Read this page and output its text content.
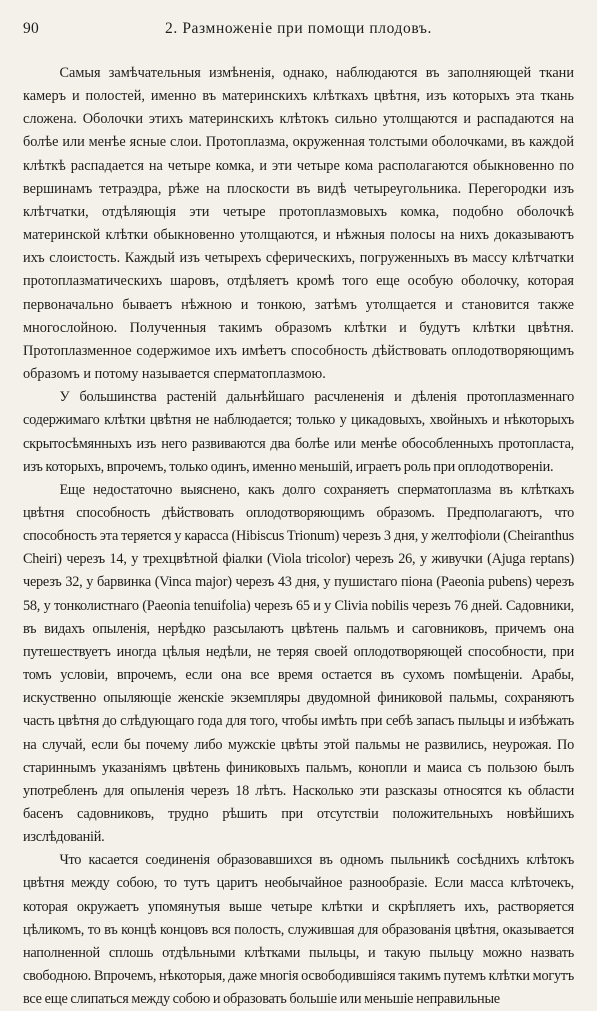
90	2. Размноженiе при помощи плодовъ.

Самыя замѣчательныя измѣненія, однако, наблюдаются въ заполняющей ткани камеръ и полостей, именно въ материнскихъ клѣткахъ цвѣтня, изъ которыхъ эта ткань сложена. Оболочки этихъ материнскихъ клѣтокъ сильно утолщаются и распадаются на болѣе или менѣе ясные слои. Протоплазма, окруженная толстыми оболочками, въ каждой клѣткѣ распадается на четыре комка, и эти четыре кома располагаются обыкновенно по вершинамъ тетраэдра, рѣже на плоскости въ видѣ четыреугольника. Перегородки изъ клѣтчатки, отдѣляющія эти четыре протоплазмовыхъ комка, подобно оболочкѣ материнской клѣтки обыкновенно утолщаются, и нѣжныя полосы на нихъ доказываютъ ихъ слоистость. Каждый изъ четырехъ сферическихъ, погруженныхъ въ массу клѣтчатки протоплазматическихъ шаровъ, отдѣляетъ кромѣ того еще особую оболочку, которая первоначально бываетъ нѣжною и тонкою, затѣмъ утолщается и становится также многослойною. Полученныя такимъ образомъ клѣтки и будутъ клѣтки цвѣтня. Протоплазменное содержимое ихъ имѣетъ способность дѣйствовать оплодотворяющимъ образомъ и потому называется сперматоплазмою.

У большинства растеній дальнѣйшаго расчлененія и дѣленія протоплазменнаго содержимаго клѣтки цвѣтня не наблюдается; только у цикадовыхъ, хвойныхъ и нѣкоторыхъ скрытосѣмянныхъ изъ него развиваются два болѣе или менѣе обособленныхъ протопласта, изъ которыхъ, впрочемъ, только одинъ, именно меньшій, играетъ роль при оплодотвореніи.

Еще недостаточно выяснено, какъ долго сохраняетъ сперматоплазма въ клѣткахъ цвѣтня способность дѣйствовать оплодотворяющимъ образомъ. Предполагаютъ, что способность эта теряется у карасса (Hibiscus Trionum) черезъ 3 дня, у желтофіоли (Cheiranthus Cheiri) черезъ 14, у трехцвѣтной фіалки (Viola tricolor) черезъ 26, у живучки (Ajuga reptans) черезъ 32, у барвинка (Vinca major) черезъ 43 дня, у пушистаго піона (Paeonia pubens) черезъ 58, у тонколистнаго (Paeonia tenuifolia) черезъ 65 и у Clivia nobilis черезъ 76 дней. Садовники, въ видахъ опыленія, нерѣдко разсылаютъ цвѣтень пальмъ и саговниковъ, причемъ она путешествуетъ иногда цѣлыя недѣли, не теряя своей оплодотворяющей способности, при томъ условіи, впрочемъ, если она все время остается въ сухомъ помѣщеніи. Арабы, искуственно опыляющіе женскіе экземпляры двудомной финиковой пальмы, сохраняютъ часть цвѣтня до слѣдующаго года для того, чтобы имѣть при себѣ запасъ пыльцы и избѣжать на случай, если бы почему либо мужскіе цвѣты этой пальмы не развились, неурожая. По стариннымъ указаніямъ цвѣтень финиковыхъ пальмъ, конопли и маиса съ пользою былъ употребленъ для опыленія черезъ 18 лѣтъ. Насколько эти разсказы относятся къ области басенъ садовниковъ, трудно рѣшить при отсутствіи положительныхъ новѣйшихъ изслѣдованій.

Что касается соединенія образовавшихся въ одномъ пыльникѣ сосѣднихъ клѣтокъ цвѣтня между собою, то тутъ царитъ необычайное разнообразіе. Если масса клѣточекъ, которая окружаетъ упомянутыя выше четыре клѣтки и скрѣпляетъ ихъ, растворяется цѣликомъ, то въ концѣ концовъ вся полость, служившая для образованія цвѣтня, оказывается наполненной сплошь отдѣльными клѣтками пыльцы, и такую пыльцу можно назвать свободною. Впрочемъ, нѣкоторыя, даже многія освободившіяся такимъ путемъ клѣтки могутъ все еще слипаться между собою и образовать большіе или меньшіе неправильные
